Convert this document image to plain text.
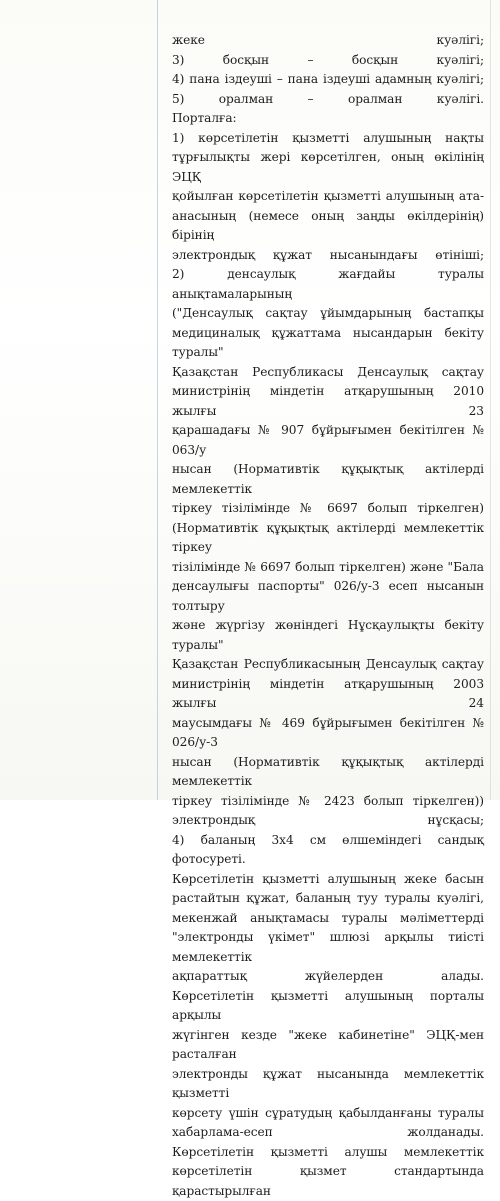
жеке куәлігі;
3) босқын – босқын куәлігі;
4) пана іздеуші – пана іздеуші адамның куәлігі;
5) оралман – оралман куәлігі.
Порталға:
1) көрсетілетін қызметті алушының нақты
тұрғылықты жері көрсетілген, оның өкілінің ЭЦҚ
қойылған көрсетілетін қызметті алушының ата-
анасының (немесе оның заңды өкілдерінің) бірінің
электрондық құжат нысанындағы өтініші;
2) денсаулық жағдайы туралы анықтамаларының
("Денсаулық сақтау ұйымдарының бастапқы
медициналық құжаттама нысандарын бекіту туралы"
Қазақстан Республикасы Денсаулық сақтау
министрінің міндетін атқарушының 2010 жылғы 23
қарашадағы № 907 бұйрығымен бекітілген № 063/у
нысан (Нормативтік құқықтық актілерді мемлекеттік
тіркеу тізілімінде № 6697 болып тіркелген)
(Нормативтік құқықтық актілерді мемлекеттік тіркеу
тізілімінде № 6697 болып тіркелген) және "Бала
денсаулығы паспорты" 026/у-3 есеп нысанын толтыру
және жүргізу жөніндегі Нұсқаулықты бекіту туралы"
Қазақстан Республикасының Денсаулық сақтау
министрінің міндетін атқарушының 2003 жылғы 24
маусымдағы № 469 бұйрығымен бекітілген № 026/у-3
нысан (Нормативтік құқықтық актілерді мемлекеттік
тіркеу тізілімінде № 2423 болып тіркелген))
электрондық нұсқасы;
4) баланың 3х4 см өлшеміндегі сандық фотосуреті.
Көрсетілетін қызметті алушының жеке басын
растайтын құжат, баланың туу туралы куәлігі,
мекенжай анықтамасы туралы мәліметтерді
"электронды үкімет" шлюзі арқылы тиісті мемлекеттік
ақпараттық жүйелерден алады.
Көрсетілетін қызметті алушының порталы арқылы
жүгінген кезде "жеке кабинетіне" ЭЦҚ-мен расталған
электронды құжат нысанында мемлекеттік қызметті
көрсету үшін сұратудың қабылданғаны туралы
хабарлама-есеп жолданады.
Көрсетілетін қызметті алушы мемлекеттік
көрсетілетін қызмет стандартында қарастырылған
